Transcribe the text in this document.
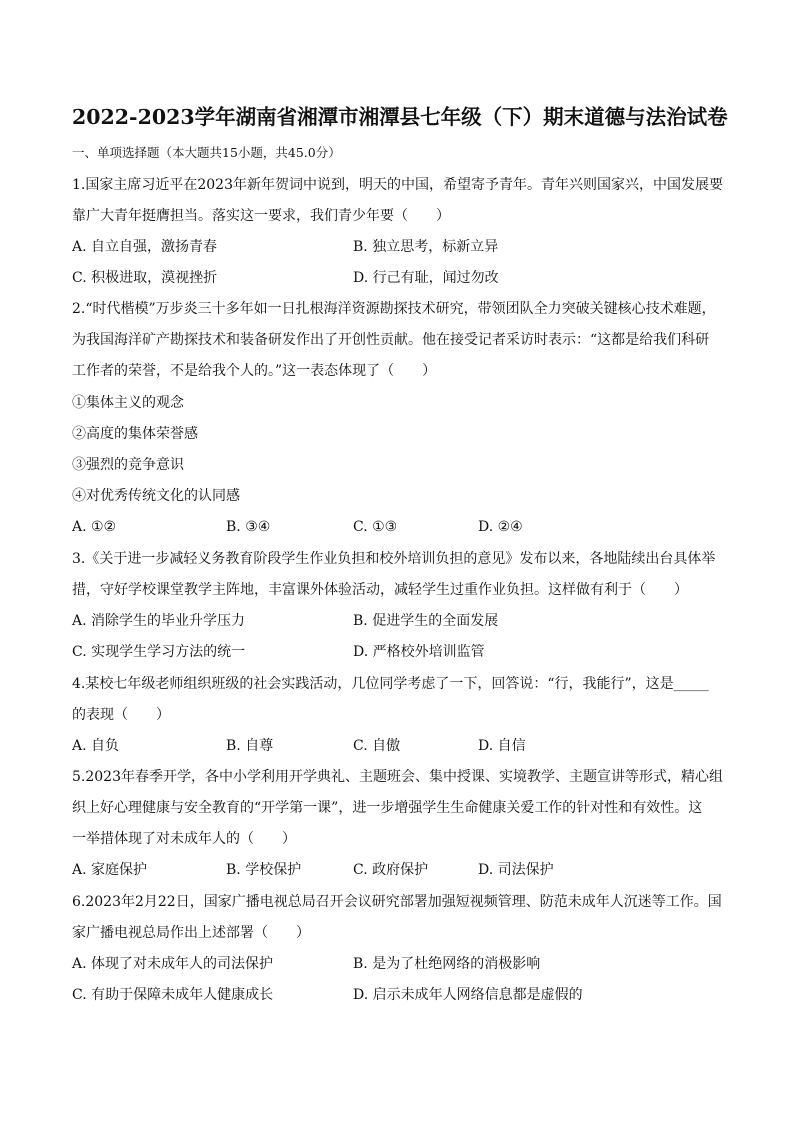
2022-2023学年湖南省湘潭市湘潭县七年级（下）期末道德与法治试卷
一、单项选择题（本大题共15小题，共45.0分）
1.国家主席习近平在2023年新年贺词中说到，明天的中国，希望寄予青年。青年兴则国家兴，中国发展要
靠广大青年挺膺担当。落实这一要求，我们青少年要（　　）
A. 自立自强，激扬青春	B. 独立思考，标新立异
C. 积极进取，漠视挫折	D. 行己有耻，闻过勿改
2.“时代楷模”万步炎三十多年如一日扎根海洋资源勘探技术研究，带领团队全力突破关键核心技术难题，
为我国海洋矿产勘探技术和装备研发作出了开创性贡献。他在接受记者采访时表示：“这都是给我们科研
工作者的荣誉，不是给我个人的。”这一表态体现了（　　）
①集体主义的观念
②高度的集体荣誉感
③强烈的竞争意识
④对优秀传统文化的认同感
A. ①②	B. ③④	C. ①③	D. ②④
3.《关于进一步减轻义务教育阶段学生作业负担和校外培训负担的意见》发布以来，各地陆续出台具体举
措，守好学校课堂教学主阵地，丰富课外体验活动，减轻学生过重作业负担。这样做有利于（　　）
A. 消除学生的毕业升学压力	B. 促进学生的全面发展
C. 实现学生学习方法的统一	D. 严格校外培训监管
4.某校七年级老师组织班级的社会实践活动，几位同学考虑了一下，回答说：“行，我能行”，这是_____
的表现（　　）
A. 自负	B. 自尊	C. 自傲	D. 自信
5.2023年春季开学，各中小学利用开学典礼、主题班会、集中授课、实境教学、主题宣讲等形式，精心组
织上好心理健康与安全教育的“开学第一课”，进一步增强学生生命健康关爱工作的针对性和有效性。这
一举措体现了对未成年人的（　　）
A. 家庭保护	B. 学校保护	C. 政府保护	D. 司法保护
6.2023年2月22日，国家广播电视总局召开会议研究部署加强短视频管理、防范未成年人沉迷等工作。国
家广播电视总局作出上述部署（　　）
A. 体现了对未成年人的司法保护	B. 是为了杜绝网络的消极影响
C. 有助于保障未成年人健康成长	D. 启示未成年人网络信息都是虚假的
